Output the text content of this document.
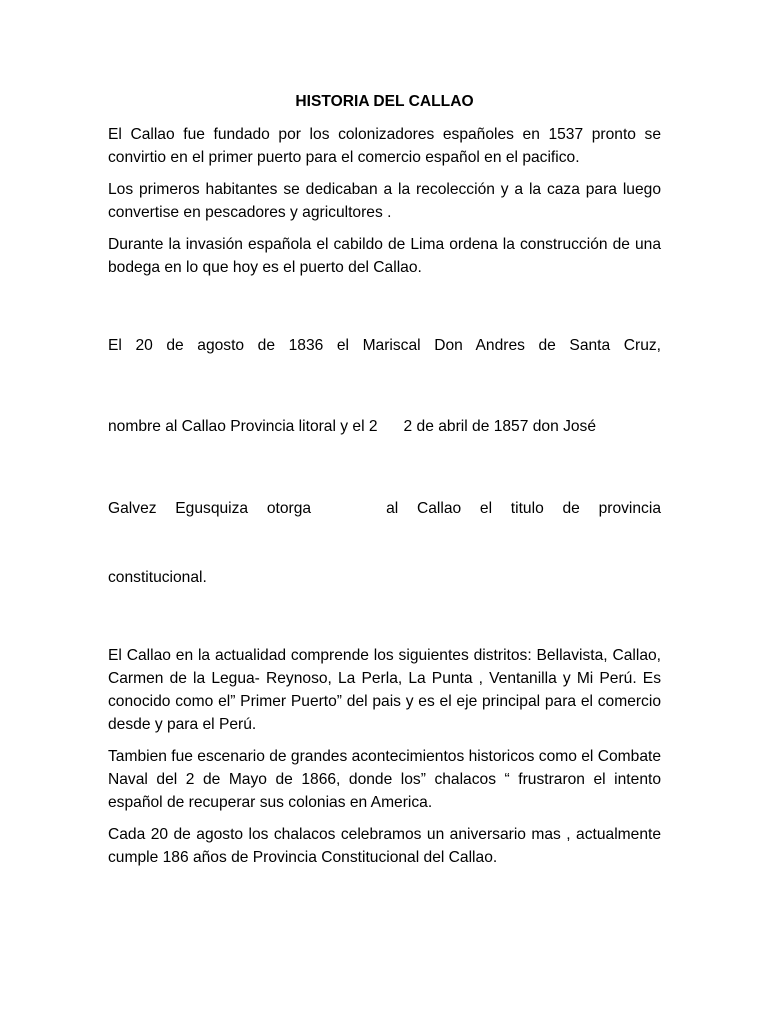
HISTORIA DEL CALLAO

El Callao fue fundado por los colonizadores españoles en 1537 pronto se convirtio en el primer puerto para el comercio español en el pacifico.

Los primeros habitantes se dedicaban a la recolección y a la caza para luego convertise en pescadores y agricultores .

Durante la invasión española el cabildo de Lima ordena la construcción de una bodega en lo que hoy es el puerto del Callao.

El 20 de agosto de 1836 el Mariscal Don Andres de Santa Cruz,

nombre al Callao Provincia litoral y el 2      2 de abril de 1857 don José

Galvez Egusquiza otorga    al Callao el titulo de provincia

constitucional.

El Callao en la actualidad comprende los siguientes distritos: Bellavista, Callao, Carmen de la Legua- Reynoso, La Perla, La Punta , Ventanilla y Mi Perú. Es conocido como el” Primer Puerto” del pais y es el eje principal para el comercio desde y para el Perú.

Tambien fue escenario de grandes acontecimientos historicos como el Combate Naval del 2 de Mayo de 1866, donde los” chalacos “ frustraron el intento español de recuperar sus colonias en America.

Cada 20 de agosto los chalacos celebramos un aniversario mas , actualmente cumple 186 años de Provincia Constitucional del Callao.
